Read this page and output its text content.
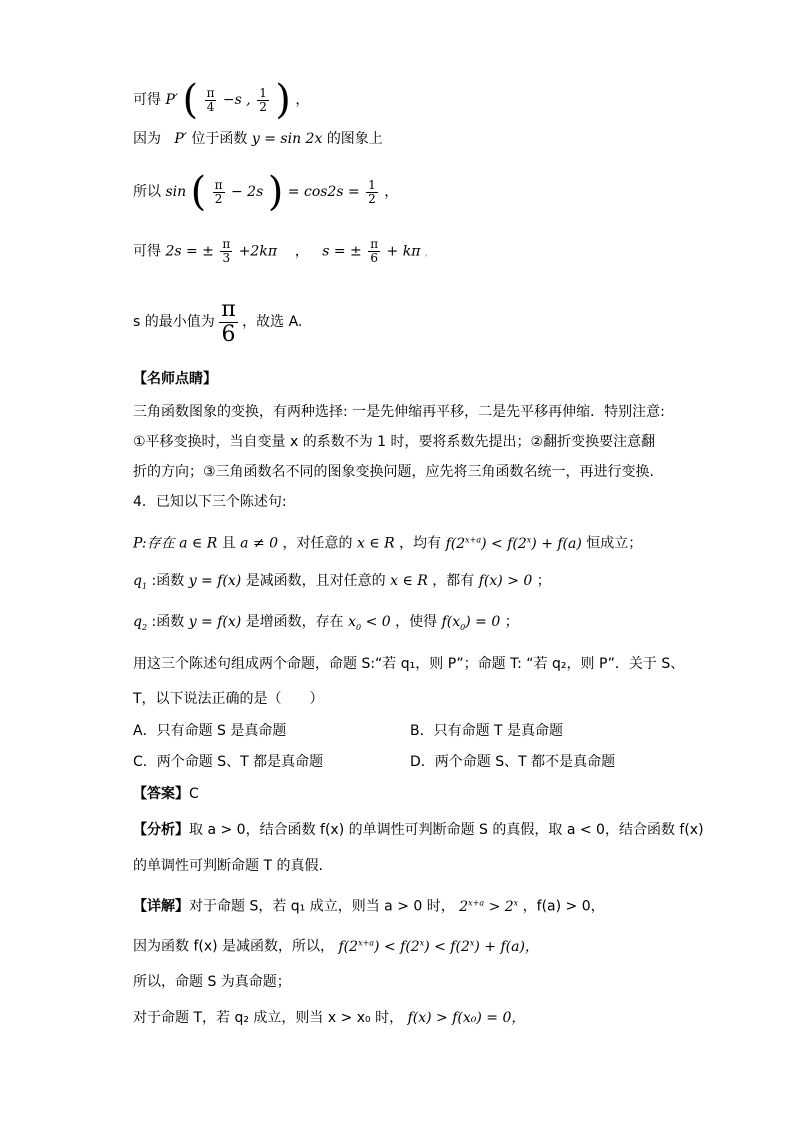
可得 P′ ( $\frac{\pi}{4} -s$ , $\frac{1}{2}$ ) ，
因为 P′ 位于函数 y = sin 2x 的图象上
所以 sin ( $\frac{\pi}{2} - 2s$ ) = $\cos 2s = \frac{1}{2}$ ，
可得 2s = ± $\frac{\pi}{3} +2k\pi$ ， s = ± $\frac{\pi}{6} + k\pi$ ,
s 的最小值为 $\frac{\pi}{6}$ ，故选 A.
【名师点睛】
三角函数图象的变换，有两种选择: 一是先伸缩再平移，二是先平移再伸缩．特别注意:
①平移变换时，当自变量 x 的系数不为 1 时，要将系数先提出；②翻折变换要注意翻
折的方向；③三角函数名不同的图象变换问题，应先将三角函数名统一，再进行变换.
4．已知以下三个陈述句:
P:存在 a ∈ R 且 a ≠ 0 ，对任意的 x ∈ R ，均有 $f(2^{x+a}) < f(2^x) + f(a)$ 恒成立；
$q_1$ :函数 y = f(x) 是减函数，且对任意的 x ∈ R ，都有 f(x) > 0 ；
$q_2$ :函数 y = f(x) 是增函数，存在 $x_0 < 0$ ，使得 $f(x_0) = 0$ ；
用这三个陈述句组成两个命题，命题 S:“若 q₁，则 P”；命题 T: “若 q₂，则 P”．关于 S、
T，以下说法正确的是（　　）
A．只有命题 S 是真命题	B．只有命题 T 是真命题
C．两个命题 S、T 都是真命题	D．两个命题 S、T 都不是真命题
【答案】C
【分析】取 a > 0，结合函数 f(x) 的单调性可判断命题 S 的真假，取 a < 0，结合函数 f(x)
的单调性可判断命题 T 的真假.
【详解】对于命题 S，若 q₁ 成立，则当 a > 0 时， $2^{x+a} > 2^x$ ，f(a) > 0，
因为函数 f(x) 是减函数，所以， $f(2^{x+a}) < f(2^x) < f(2^x) + f(a)$，
所以，命题 S 为真命题；
对于命题 T，若 q₂ 成立，则当 x > x₀ 时， f(x) > f(x₀) = 0，
